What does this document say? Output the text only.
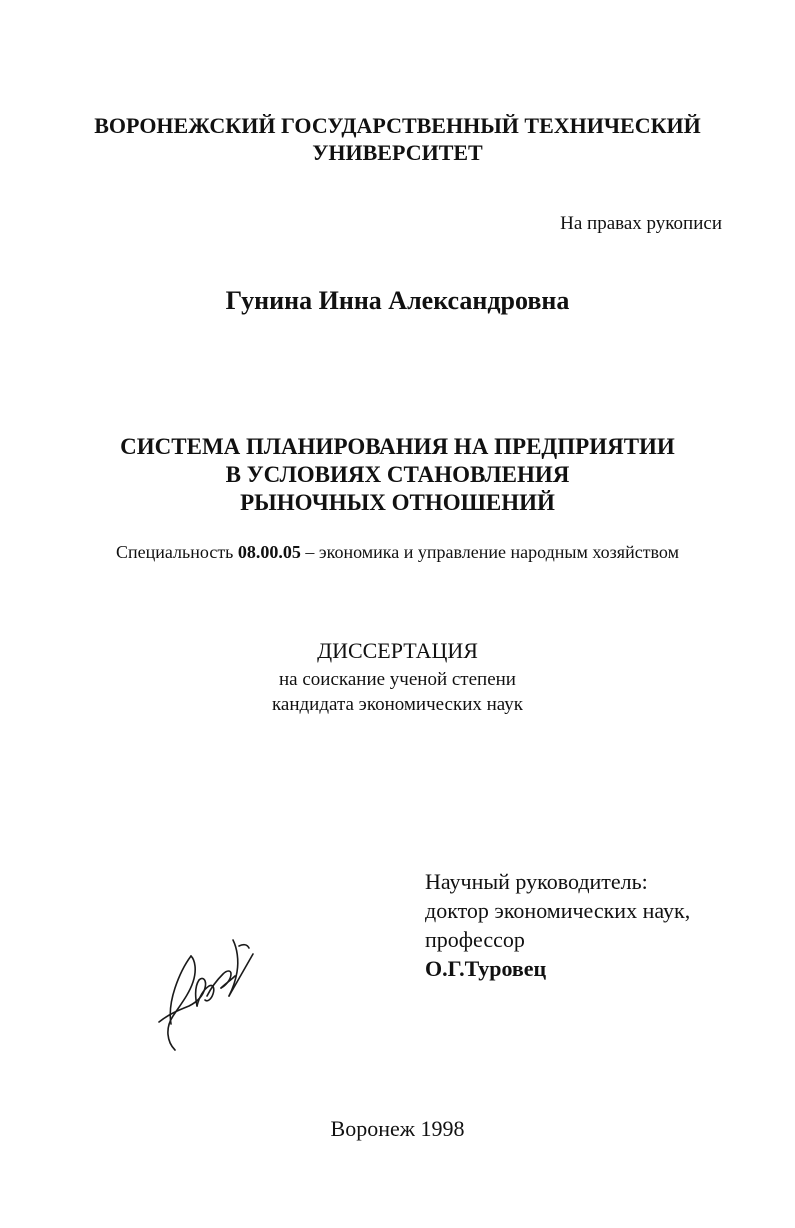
ВОРОНЕЖСКИЙ ГОСУДАРСТВЕННЫЙ ТЕХНИЧЕСКИЙ
УНИВЕРСИТЕТ
На правах рукописи
Гунина Инна Александровна
СИСТЕМА ПЛАНИРОВАНИЯ НА ПРЕДПРИЯТИИ
В УСЛОВИЯХ СТАНОВЛЕНИЯ
РЫНОЧНЫХ ОТНОШЕНИЙ
Специальность 08.00.05 – экономика и управление народным хозяйством
ДИССЕРТАЦИЯ
на соискание ученой степени
кандидата экономических наук
Научный руководитель:
доктор экономических наук,
профессор
О.Г.Туровец
Воронеж 1998
